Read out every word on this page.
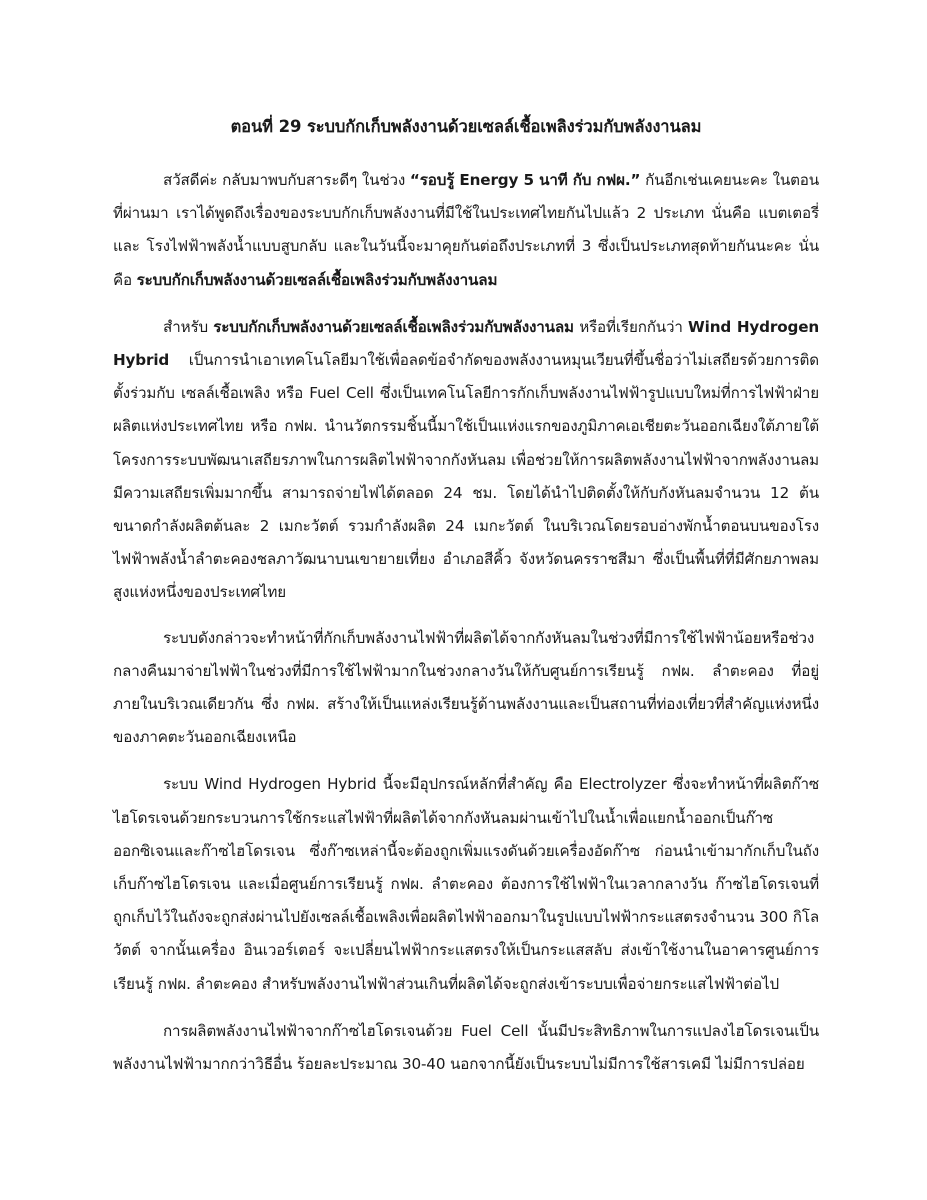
ตอนที่ 29 ระบบกักเก็บพลังงานด้วยเซลล์เชื้อเพลิงร่วมกับพลังงานลม

สวัสดีค่ะ กลับมาพบกับสาระดีๆ ในช่วง “รอบรู้ Energy 5 นาที กับ กฟผ.” กันอีกเช่นเคยนะคะ ในตอนที่ผ่านมา เราได้พูดถึงเรื่องของระบบกักเก็บพลังงานที่มีใช้ในประเทศไทยกันไปแล้ว 2 ประเภท นั่นคือ แบตเตอรี่ และ โรงไฟฟ้าพลังน้ำแบบสูบกลับ และในวันนี้จะมาคุยกันต่อถึงประเภทที่ 3 ซึ่งเป็นประเภทสุดท้ายกันนะคะ นั่นคือ ระบบกักเก็บพลังงานด้วยเซลล์เชื้อเพลิงร่วมกับพลังงานลม

สำหรับ ระบบกักเก็บพลังงานด้วยเซลล์เชื้อเพลิงร่วมกับพลังงานลม หรือที่เรียกกันว่า Wind Hydrogen Hybrid เป็นการนำเอาเทคโนโลยีมาใช้เพื่อลดข้อจำกัดของพลังงานหมุนเวียนที่ขึ้นชื่อว่าไม่เสถียรด้วยการติดตั้งร่วมกับ เซลล์เชื้อเพลิง หรือ Fuel Cell ซึ่งเป็นเทคโนโลยีการกักเก็บพลังงานไฟฟ้ารูปแบบใหม่ที่การไฟฟ้าฝ่ายผลิตแห่งประเทศไทย หรือ กฟผ. นำนวัตกรรมชิ้นนี้มาใช้เป็นแห่งแรกของภูมิภาคเอเชียตะวันออกเฉียงใต้ภายใต้โครงการระบบพัฒนาเสถียรภาพในการผลิตไฟฟ้าจากกังหันลม เพื่อช่วยให้การผลิตพลังงานไฟฟ้าจากพลังงานลมมีความเสถียรเพิ่มมากขึ้น สามารถจ่ายไฟได้ตลอด 24 ชม. โดยได้นำไปติดตั้งให้กับกังหันลมจำนวน 12 ต้น ขนาดกำลังผลิตต้นละ 2 เมกะวัตต์ รวมกำลังผลิต 24 เมกะวัตต์ ในบริเวณโดยรอบอ่างพักน้ำตอนบนของโรงไฟฟ้าพลังน้ำลำตะคองชลภาวัฒนาบนเขายายเที่ยง อำเภอสีคิ้ว จังหวัดนครราชสีมา ซึ่งเป็นพื้นที่ที่มีศักยภาพลมสูงแห่งหนึ่งของประเทศไทย

ระบบดังกล่าวจะทำหน้าที่กักเก็บพลังงานไฟฟ้าที่ผลิตได้จากกังหันลมในช่วงที่มีการใช้ไฟฟ้าน้อยหรือช่วงกลางคืนมาจ่ายไฟฟ้าในช่วงที่มีการใช้ไฟฟ้ามากในช่วงกลางวันให้กับศูนย์การเรียนรู้ กฟผ. ลำตะคอง ที่อยู่ภายในบริเวณเดียวกัน ซึ่ง กฟผ. สร้างให้เป็นแหล่งเรียนรู้ด้านพลังงานและเป็นสถานที่ท่องเที่ยวที่สำคัญแห่งหนึ่งของภาคตะวันออกเฉียงเหนือ

ระบบ Wind Hydrogen Hybrid นี้จะมีอุปกรณ์หลักที่สำคัญ คือ Electrolyzer ซึ่งจะทำหน้าที่ผลิตก๊าซไฮโดรเจนด้วยกระบวนการใช้กระแสไฟฟ้าที่ผลิตได้จากกังหันลมผ่านเข้าไปในน้ำเพื่อแยกน้ำออกเป็นก๊าซออกซิเจนและก๊าซไฮโดรเจน ซึ่งก๊าซเหล่านี้จะต้องถูกเพิ่มแรงดันด้วยเครื่องอัดก๊าซ ก่อนนำเข้ามากักเก็บในถังเก็บก๊าซไฮโดรเจน และเมื่อศูนย์การเรียนรู้ กฟผ. ลำตะคอง ต้องการใช้ไฟฟ้าในเวลากลางวัน ก๊าซไฮโดรเจนที่ถูกเก็บไว้ในถังจะถูกส่งผ่านไปยังเซลล์เชื้อเพลิงเพื่อผลิตไฟฟ้าออกมาในรูปแบบไฟฟ้ากระแสตรงจำนวน 300 กิโลวัตต์ จากนั้นเครื่อง อินเวอร์เตอร์ จะเปลี่ยนไฟฟ้ากระแสตรงให้เป็นกระแสสลับ ส่งเข้าใช้งานในอาคารศูนย์การเรียนรู้ กฟผ. ลำตะคอง สำหรับพลังงานไฟฟ้าส่วนเกินที่ผลิตได้จะถูกส่งเข้าระบบเพื่อจ่ายกระแสไฟฟ้าต่อไป

การผลิตพลังงานไฟฟ้าจากก๊าซไฮโดรเจนด้วย Fuel Cell นั้นมีประสิทธิภาพในการแปลงไฮโดรเจนเป็นพลังงานไฟฟ้ามากกว่าวิธีอื่น ร้อยละประมาณ 30-40 นอกจากนี้ยังเป็นระบบไม่มีการใช้สารเคมี ไม่มีการปล่อย
